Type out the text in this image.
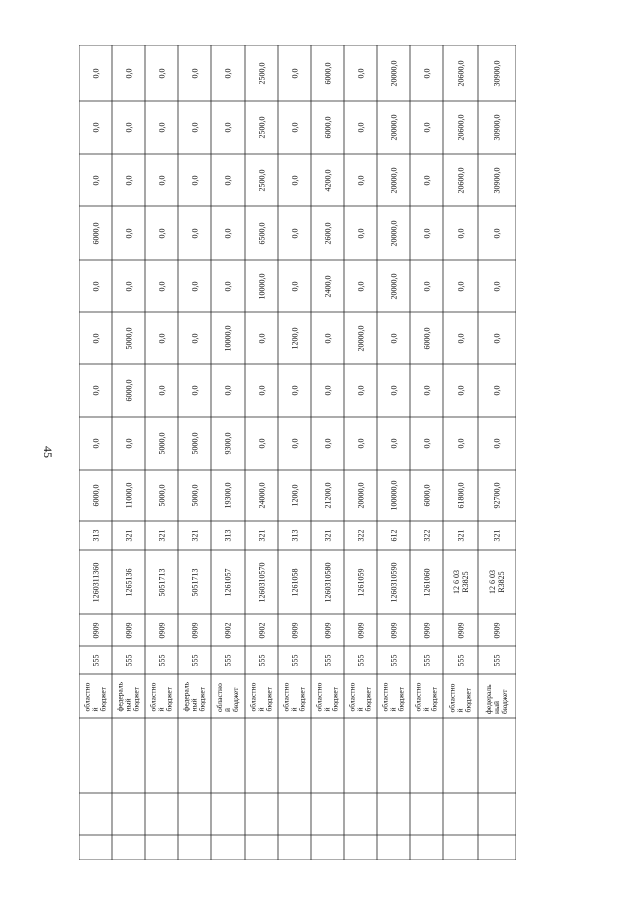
45
0,0
0,0
0,0
6000,0
0,0
0,0
0,0
0,0
6000,0
313
1260311360
0909
555
областно
й
бюджет
0,0
0,0
0,0
0,0
0,0
5000,0
6000,0
0,0
11000,0
321
1265136
0909
555
федераль
ный
бюджет
0,0
0,0
0,0
0,0
0,0
0,0
0,0
5000,0
5000,0
321
5051713
0909
555
областно
й
бюджет
0,0
0,0
0,0
0,0
0,0
0,0
0,0
5000,0
5000,0
321
5051713
0909
555
федераль
ный
бюджет
0,0
0,0
0,0
0,0
0,0
10000,0
0,0
9300,0
19300,0
313
1261057
0902
555
областно
й
бюджет
2500,0
2500,0
2500,0
6500,0
10000,0
0,0
0,0
0,0
24000,0
321
1260310570
0902
555
областно
й
бюджет
0,0
0,0
0,0
0,0
0,0
1200,0
0,0
0,0
1200,0
313
1261058
0909
555
областно
й
бюджет
6000,0
6000,0
4200,0
2600,0
2400,0
0,0
0,0
0,0
21200,0
321
1260310580
0909
555
областно
й
бюджет
0,0
0,0
0,0
0,0
0,0
20000,0
0,0
0,0
20000,0
322
1261059
0909
555
областно
й
бюджет
20000,0
20000,0
20000,0
20000,0
20000,0
0,0
0,0
0,0
100000,0
612
1260310590
0909
555
областно
й
бюджет
0,0
0,0
0,0
0,0
0,0
6000,0
0,0
0,0
6000,0
322
1261060
0909
555
областно
й
бюджет
20600,0
20600,0
20600,0
0,0
0,0
0,0
0,0
0,0
61800,0
321
12 6 03
R3825
0909
555
областно
й
бюджет
30900,0
30900,0
30900,0
0,0
0,0
0,0
0,0
0,0
92700,0
321
12 6 03
R3825
0909
555
федераль
ный
бюджет
